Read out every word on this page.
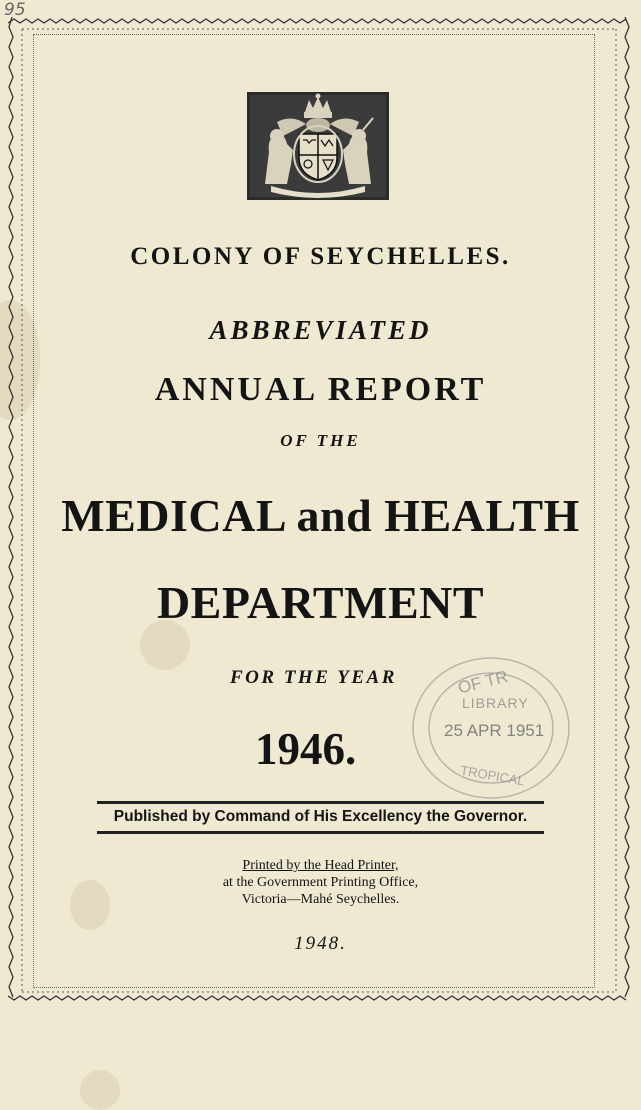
95
COLONY OF SEYCHELLES.
ABBREVIATED
ANNUAL REPORT
OF THE
MEDICAL and HEALTH
DEPARTMENT
FOR THE YEAR
1946.
OF TR
LIBRARY
25 APR 1951
TROPICAL
Published by Command of His Excellency the Governor.
Printed by the Head Printer,
at the Government Printing Office,
Victoria—Mahé Seychelles.
1948.
